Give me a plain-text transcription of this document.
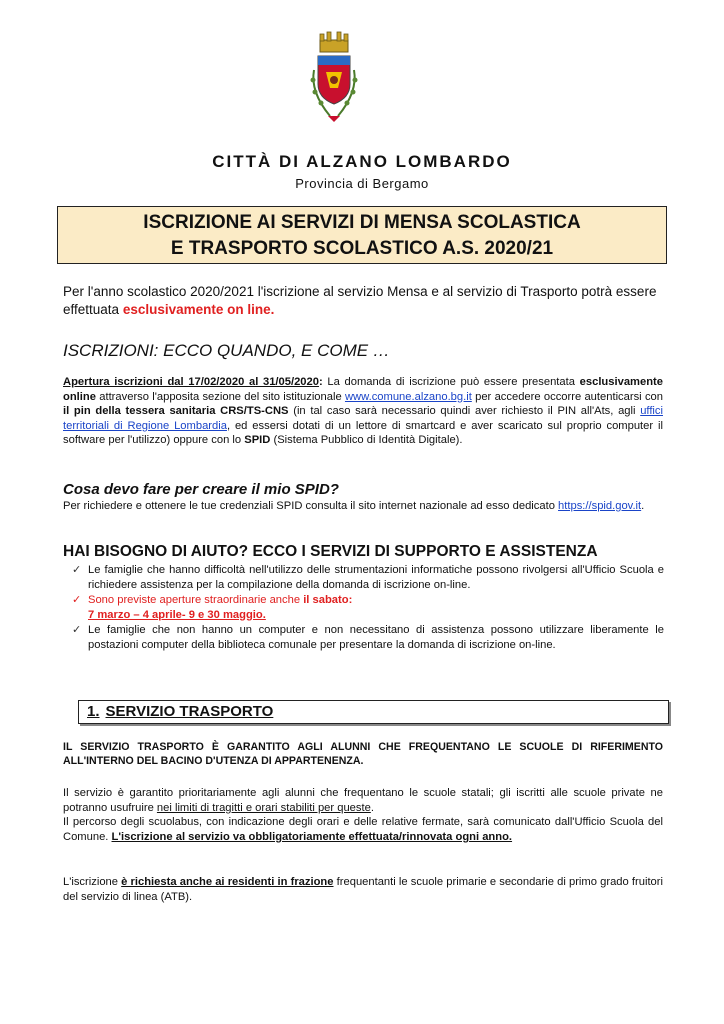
CITTÀ DI ALZANO LOMBARDO
Provincia di Bergamo
ISCRIZIONE AI SERVIZI DI MENSA SCOLASTICA
E TRASPORTO SCOLASTICO A.S. 2020/21
Per l'anno scolastico 2020/2021 l'iscrizione al servizio Mensa e al servizio di Trasporto potrà essere effettuata esclusivamente on line.
ISCRIZIONI: ECCO QUANDO, E COME …
Apertura iscrizioni dal 17/02/2020 al 31/05/2020: La domanda di iscrizione può essere presentata esclusivamente online attraverso l'apposita sezione del sito istituzionale www.comune.alzano.bg.it per accedere occorre autenticarsi con il pin della tessera sanitaria CRS/TS-CNS (in tal caso sarà necessario quindi aver richiesto il PIN all'Ats, agli uffici territoriali di Regione Lombardia, ed essersi dotati di un lettore di smartcard e aver scaricato sul proprio computer il software per l'utilizzo) oppure con lo SPID (Sistema Pubblico di Identità Digitale).
Cosa devo fare per creare il mio SPID?
Per richiedere e ottenere le tue credenziali SPID consulta il sito internet nazionale ad esso dedicato https://spid.gov.it.
HAI BISOGNO DI AIUTO? ECCO I SERVIZI DI SUPPORTO E ASSISTENZA
✓ Le famiglie che hanno difficoltà nell'utilizzo delle strumentazioni informatiche possono rivolgersi all'Ufficio Scuola e richiedere assistenza per la compilazione della domanda di iscrizione on-line.
✓ Sono previste aperture straordinarie anche il sabato:
7 marzo – 4 aprile- 9 e 30 maggio.
✓ Le famiglie che non hanno un computer e non necessitano di assistenza possono utilizzare liberamente le postazioni computer della biblioteca comunale per presentare la domanda di iscrizione on-line.
1. SERVIZIO TRASPORTO
IL SERVIZIO TRASPORTO È GARANTITO AGLI ALUNNI CHE FREQUENTANO LE SCUOLE DI RIFERIMENTO ALL'INTERNO DEL BACINO D'UTENZA DI APPARTENENZA.
Il servizio è garantito prioritariamente agli alunni che frequentano le scuole statali; gli iscritti alle scuole private ne potranno usufruire nei limiti di tragitti e orari stabiliti per queste.
Il percorso degli scuolabus, con indicazione degli orari e delle relative fermate, sarà comunicato dall'Ufficio Scuola del Comune. L'iscrizione al servizio va obbligatoriamente effettuata/rinnovata ogni anno.
L'iscrizione è richiesta anche ai residenti in frazione frequentanti le scuole primarie e secondarie di primo grado fruitori del servizio di linea (ATB).
